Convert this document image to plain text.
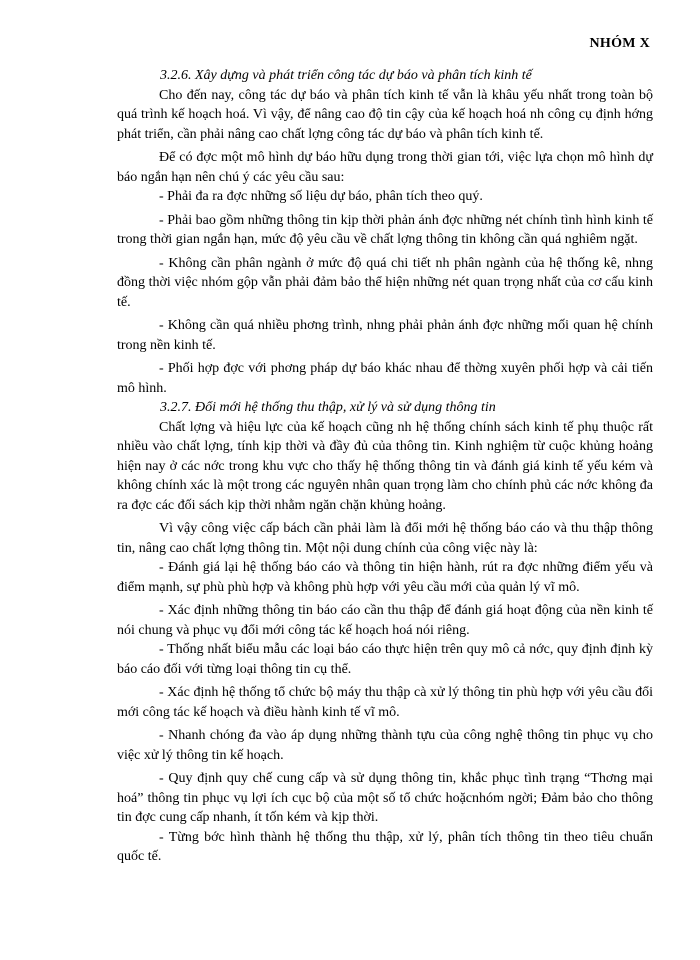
NHÓM X

3.2.6. Xây dựng và phát triển công tác dự báo và phân tích kinh tế

Cho đến nay, công tác dự báo và phân tích kinh tế vẫn là khâu yếu nhất trong toàn bộ quá trình kế hoạch hoá. Vì vậy, để nâng cao độ tin cậy của kế hoạch hoá nh công cụ định hớng phát triển, cần phải nâng cao chất lợng công tác dự báo và phân tích kinh tế.

Để có đợc một mô hình dự báo hữu dụng trong thời gian tới, việc lựa chọn mô hình dự báo ngắn hạn nên chú ý các yêu cầu sau:

- Phải đa ra đợc những số liệu dự báo, phân tích theo quý.

- Phải bao gồm những thông tin kịp thời phản ánh đợc những nét chính tình hình kinh tế trong thời gian ngắn hạn, mức độ yêu cầu về chất lợng thông tin không cần quá nghiêm ngặt.

- Không cần phân ngành ở mức độ quá chi tiết nh phân ngành của hệ thống kê, nhng đồng thời việc nhóm gộp vẫn phải đảm bảo thể hiện những nét quan trọng nhất của cơ cấu kinh tế.

- Không cần quá nhiều phơng trình, nhng phải phản ánh đợc những mối quan hệ chính trong nền kinh tế.

- Phối hợp đợc với phơng pháp dự báo khác nhau để thờng xuyên phối hợp và cải tiến mô hình.

3.2.7. Đổi mới hệ thống thu thập, xử lý và sử dụng thông tin

Chất lợng và hiệu lực của kế hoạch cũng nh hệ thống chính sách kinh tế phụ thuộc rất nhiều vào chất lợng, tính kịp thời và đầy đủ của thông tin. Kinh nghiệm từ cuộc khủng hoảng hiện nay ở các nớc trong khu vực cho thấy hệ thống thông tin và đánh giá kinh tế yếu kém và không chính xác là một trong các nguyên nhân quan trọng làm cho chính phủ các nớc không đa ra đợc các đối sách kịp thời nhằm ngăn chặn khủng hoảng.

Vì vậy công việc cấp bách cần phải làm là đổi mới hệ thống báo cáo và thu thập thông tin, nâng cao chất lợng thông tin. Một nội dung chính của công việc này là:

- Đánh giá lại hệ thống báo cáo và thông tin hiện hành, rút ra đợc những điểm yếu và điểm mạnh, sự phù phù hợp và không phù hợp với yêu cầu mới của quản lý vĩ mô.

- Xác định những thông tin báo cáo cần thu thập để đánh giá hoạt động của nền kinh tế nói chung và phục vụ đổi mới công tác kế hoạch hoá nói riêng.

- Thống nhất biểu mẫu các loại báo cáo thực hiện trên quy mô cả nớc, quy định định kỳ báo cáo đối với từng loại thông tin cụ thể.

- Xác định hệ thống tổ chức bộ máy thu thập cà xử lý thông tin phù hợp với yêu cầu đổi mới công tác kế hoạch và điều hành kinh tế vĩ mô.

- Nhanh chóng đa vào áp dụng những thành tựu của công nghệ thông tin phục vụ cho việc xử lý thông tin kế hoạch.

- Quy định quy chế cung cấp và sử dụng thông tin, khắc phục tình trạng “Thơng mại hoá” thông tin phục vụ lợi ích cục bộ của một số tổ chức hoặcnhóm ngời; Đảm bảo cho thông tin đợc cung cấp nhanh, ít tốn kém và kịp thời.

- Từng bớc hình thành hệ thống thu thập, xử lý, phân tích thông tin theo tiêu chuẩn quốc tế.
